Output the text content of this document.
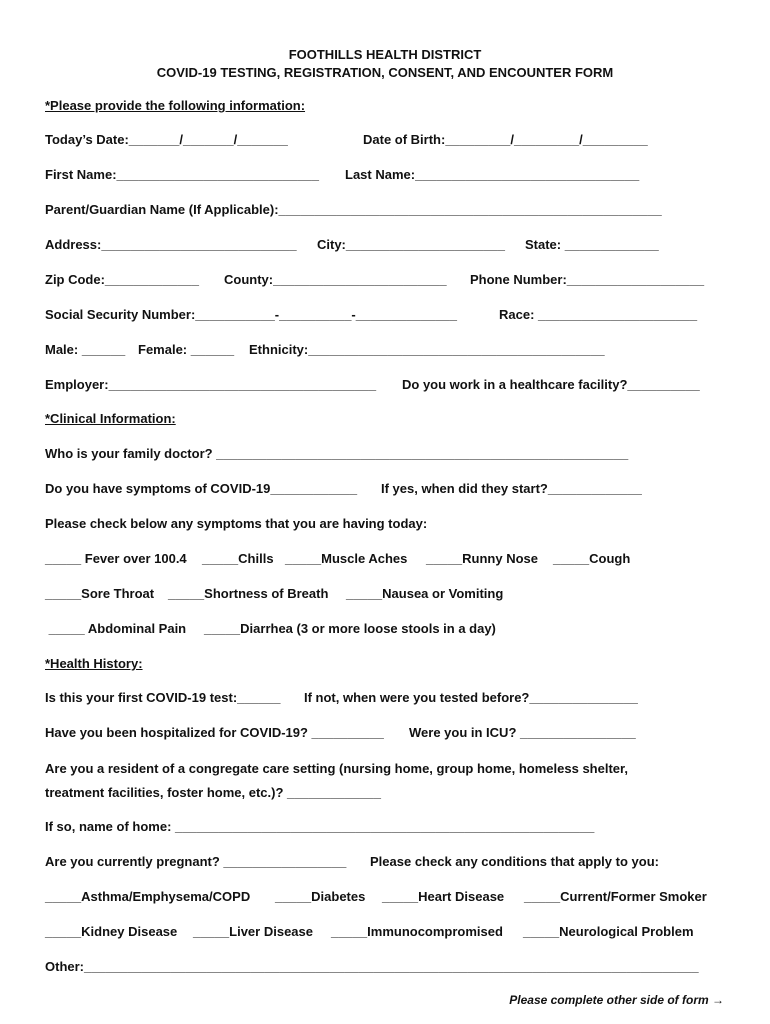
FOOTHILLS HEALTH DISTRICT
COVID-19 TESTING, REGISTRATION, CONSENT, AND ENCOUNTER FORM
*Please provide the following information:

Today’s Date:_______/_______/_______

	Date of Birth:_________/_________/_________

First Name:____________________________

Last Name:_______________________________

Parent/Guardian Name (If Applicable):_____________________________________________________

Address:___________________________

City:______________________

State: _____________

Zip Code:_____________

County:________________________

Phone Number:___________________

Social Security Number:___________-__________-______________

	Race: ______________________

Male: ______

Female: ______

Ethnicity:_________________________________________

Employer:_____________________________________

Do you work in a healthcare facility?__________

*Clinical Information:
Who is your family doctor? _________________________________________________________

Do you have symptoms of COVID-19____________

If yes, when did they start?_____________

Please check below any symptoms that you are having today:

_____ Fever over 100.4

_____Chills

_____Muscle Aches

_____Runny Nose

_____Cough

_____Sore Throat

_____Shortness of Breath

_____Nausea or Vomiting

_____ Abdominal Pain

_____Diarrhea (3 or more loose stools in a day)

*Health History:

Is this your first COVID-19 test:______

If not, when were you tested before?_______________

Have you been hospitalized for COVID-19? __________

Were you in ICU? ________________

Are you a resident of a congregate care setting (nursing home, group home, homeless shelter,
treatment facilities, foster home, etc.)? _____________
If so, name of home: __________________________________________________________

Are you currently pregnant? _________________

Please check any conditions that apply to you:

_____Asthma/Emphysema/COPD

_____Diabetes

_____Heart Disease

_____Current/Former Smoker

_____Kidney Disease

_____Liver Disease

_____Immunocompromised

_____Neurological Problem

Other:_____________________________________________________________________________________
Please complete other side of form →
